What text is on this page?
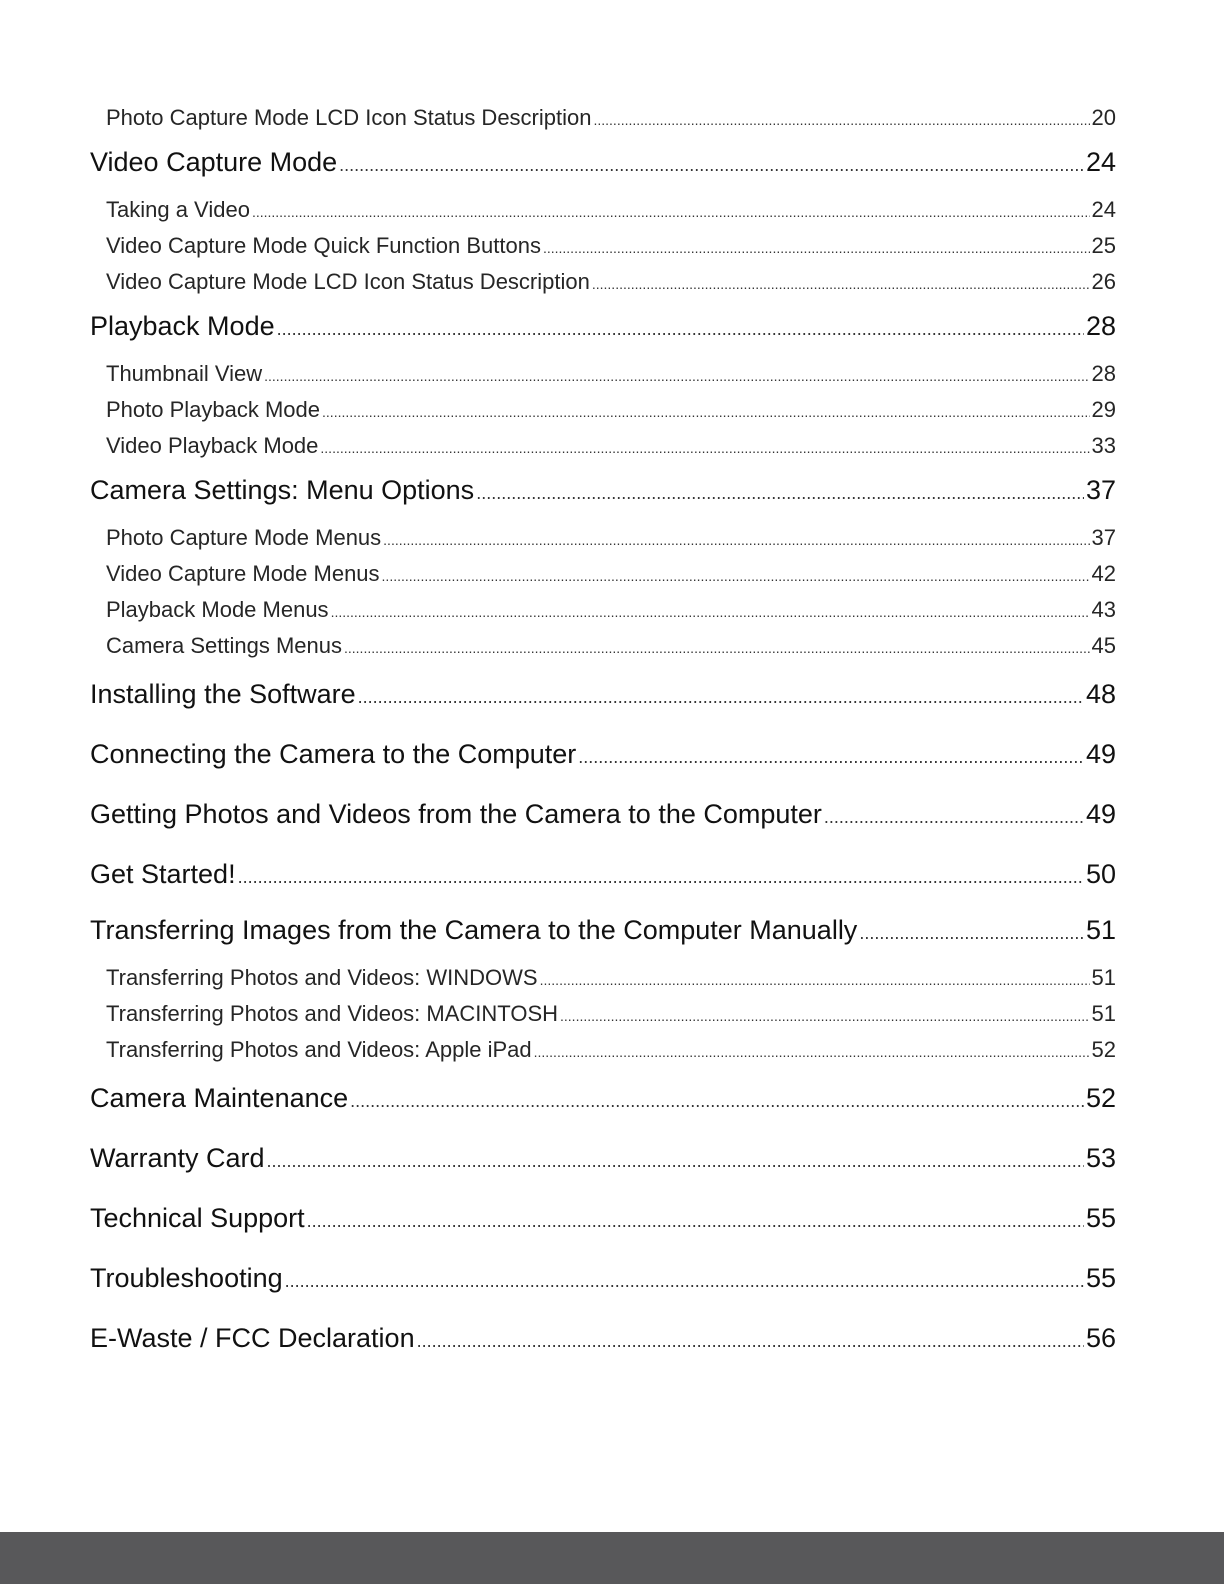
Photo Capture Mode LCD Icon Status Description .....	20
Video Capture Mode .....	24
Taking a Video .....	24
Video Capture Mode Quick Function Buttons .....	25
Video Capture Mode LCD Icon Status Description .....	26
Playback Mode .....	28
Thumbnail View .....	28
Photo Playback Mode .....	29
Video Playback Mode .....	33
Camera Settings: Menu Options .....	37
Photo Capture Mode Menus .....	37
Video Capture Mode Menus .....	42
Playback Mode Menus .....	43
Camera Settings Menus .....	45
Installing the Software .....	48
Connecting the Camera to the Computer .....	49
Getting Photos and Videos from the Camera to the Computer .....	49
Get Started! .....	50
Transferring Images from the Camera to the Computer Manually .....	51
Transferring Photos and Videos: WINDOWS .....	51
Transferring Photos and Videos: MACINTOSH .....	51
Transferring Photos and Videos: Apple iPad .....	52
Camera Maintenance .....	52
Warranty Card .....	53
Technical Support .....	55
Troubleshooting .....	55
E-Waste / FCC Declaration .....	56
